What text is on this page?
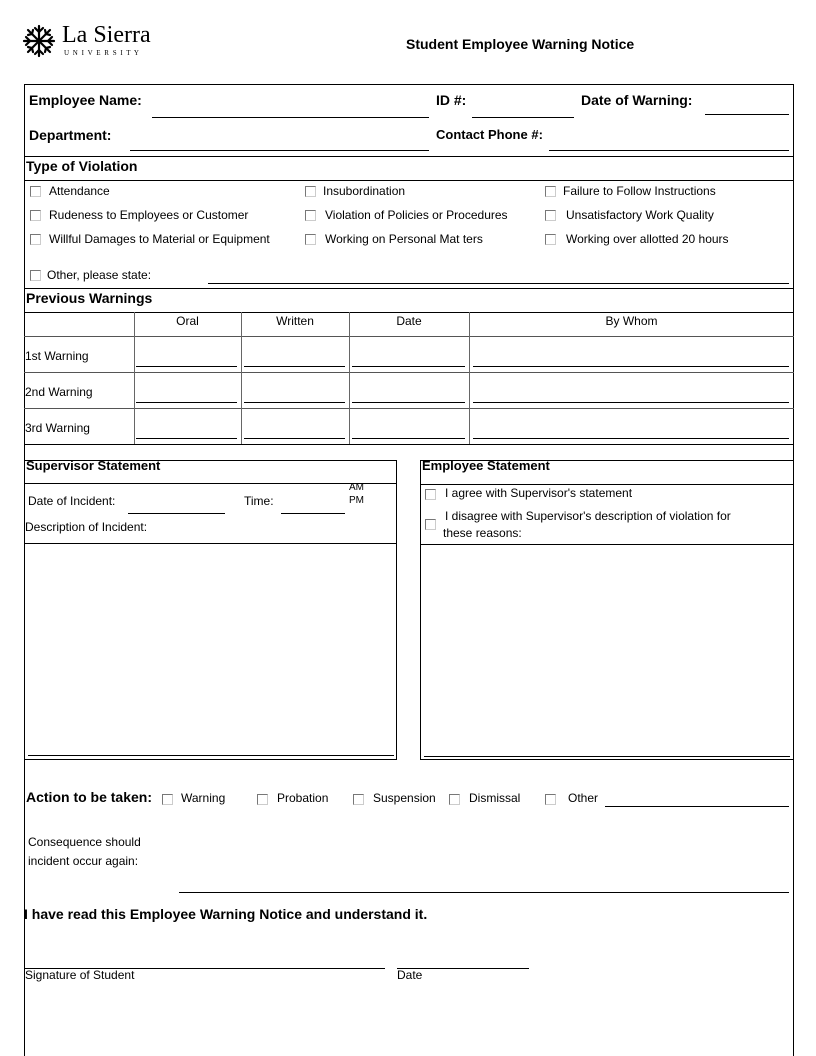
La Sierra
U N I V E R S I T Y
Student Employee Warning Notice
Employee Name:	ID #:	Date of Warning:
Department:	Contact Phone #:
Type of Violation
Attendance	Insubordination	Failure to Follow Instructions
Rudeness to Employees or Customer	Violation of Policies or Procedures	Unsatisfactory Work Quality
Willful Damages to Material or Equipment	Working on Personal Mat ters	Working over allotted 20 hours
Other, please state:
Previous Warnings
Oral	Written	Date	By Whom
1st Warning
2nd Warning
3rd Warning
Supervisor Statement
Date of Incident:	Time:
AM
PM
Description of Incident:
Employee Statement
I agree with Supervisor's statement
I disagree with Supervisor's description of violation for
these reasons:
Action to be taken: Warning	Probation	Suspension	Dismissal	Other
Consequence should
incident occur again:
I have read this Employee Warning Notice and understand it.
Signature of Student	Date
